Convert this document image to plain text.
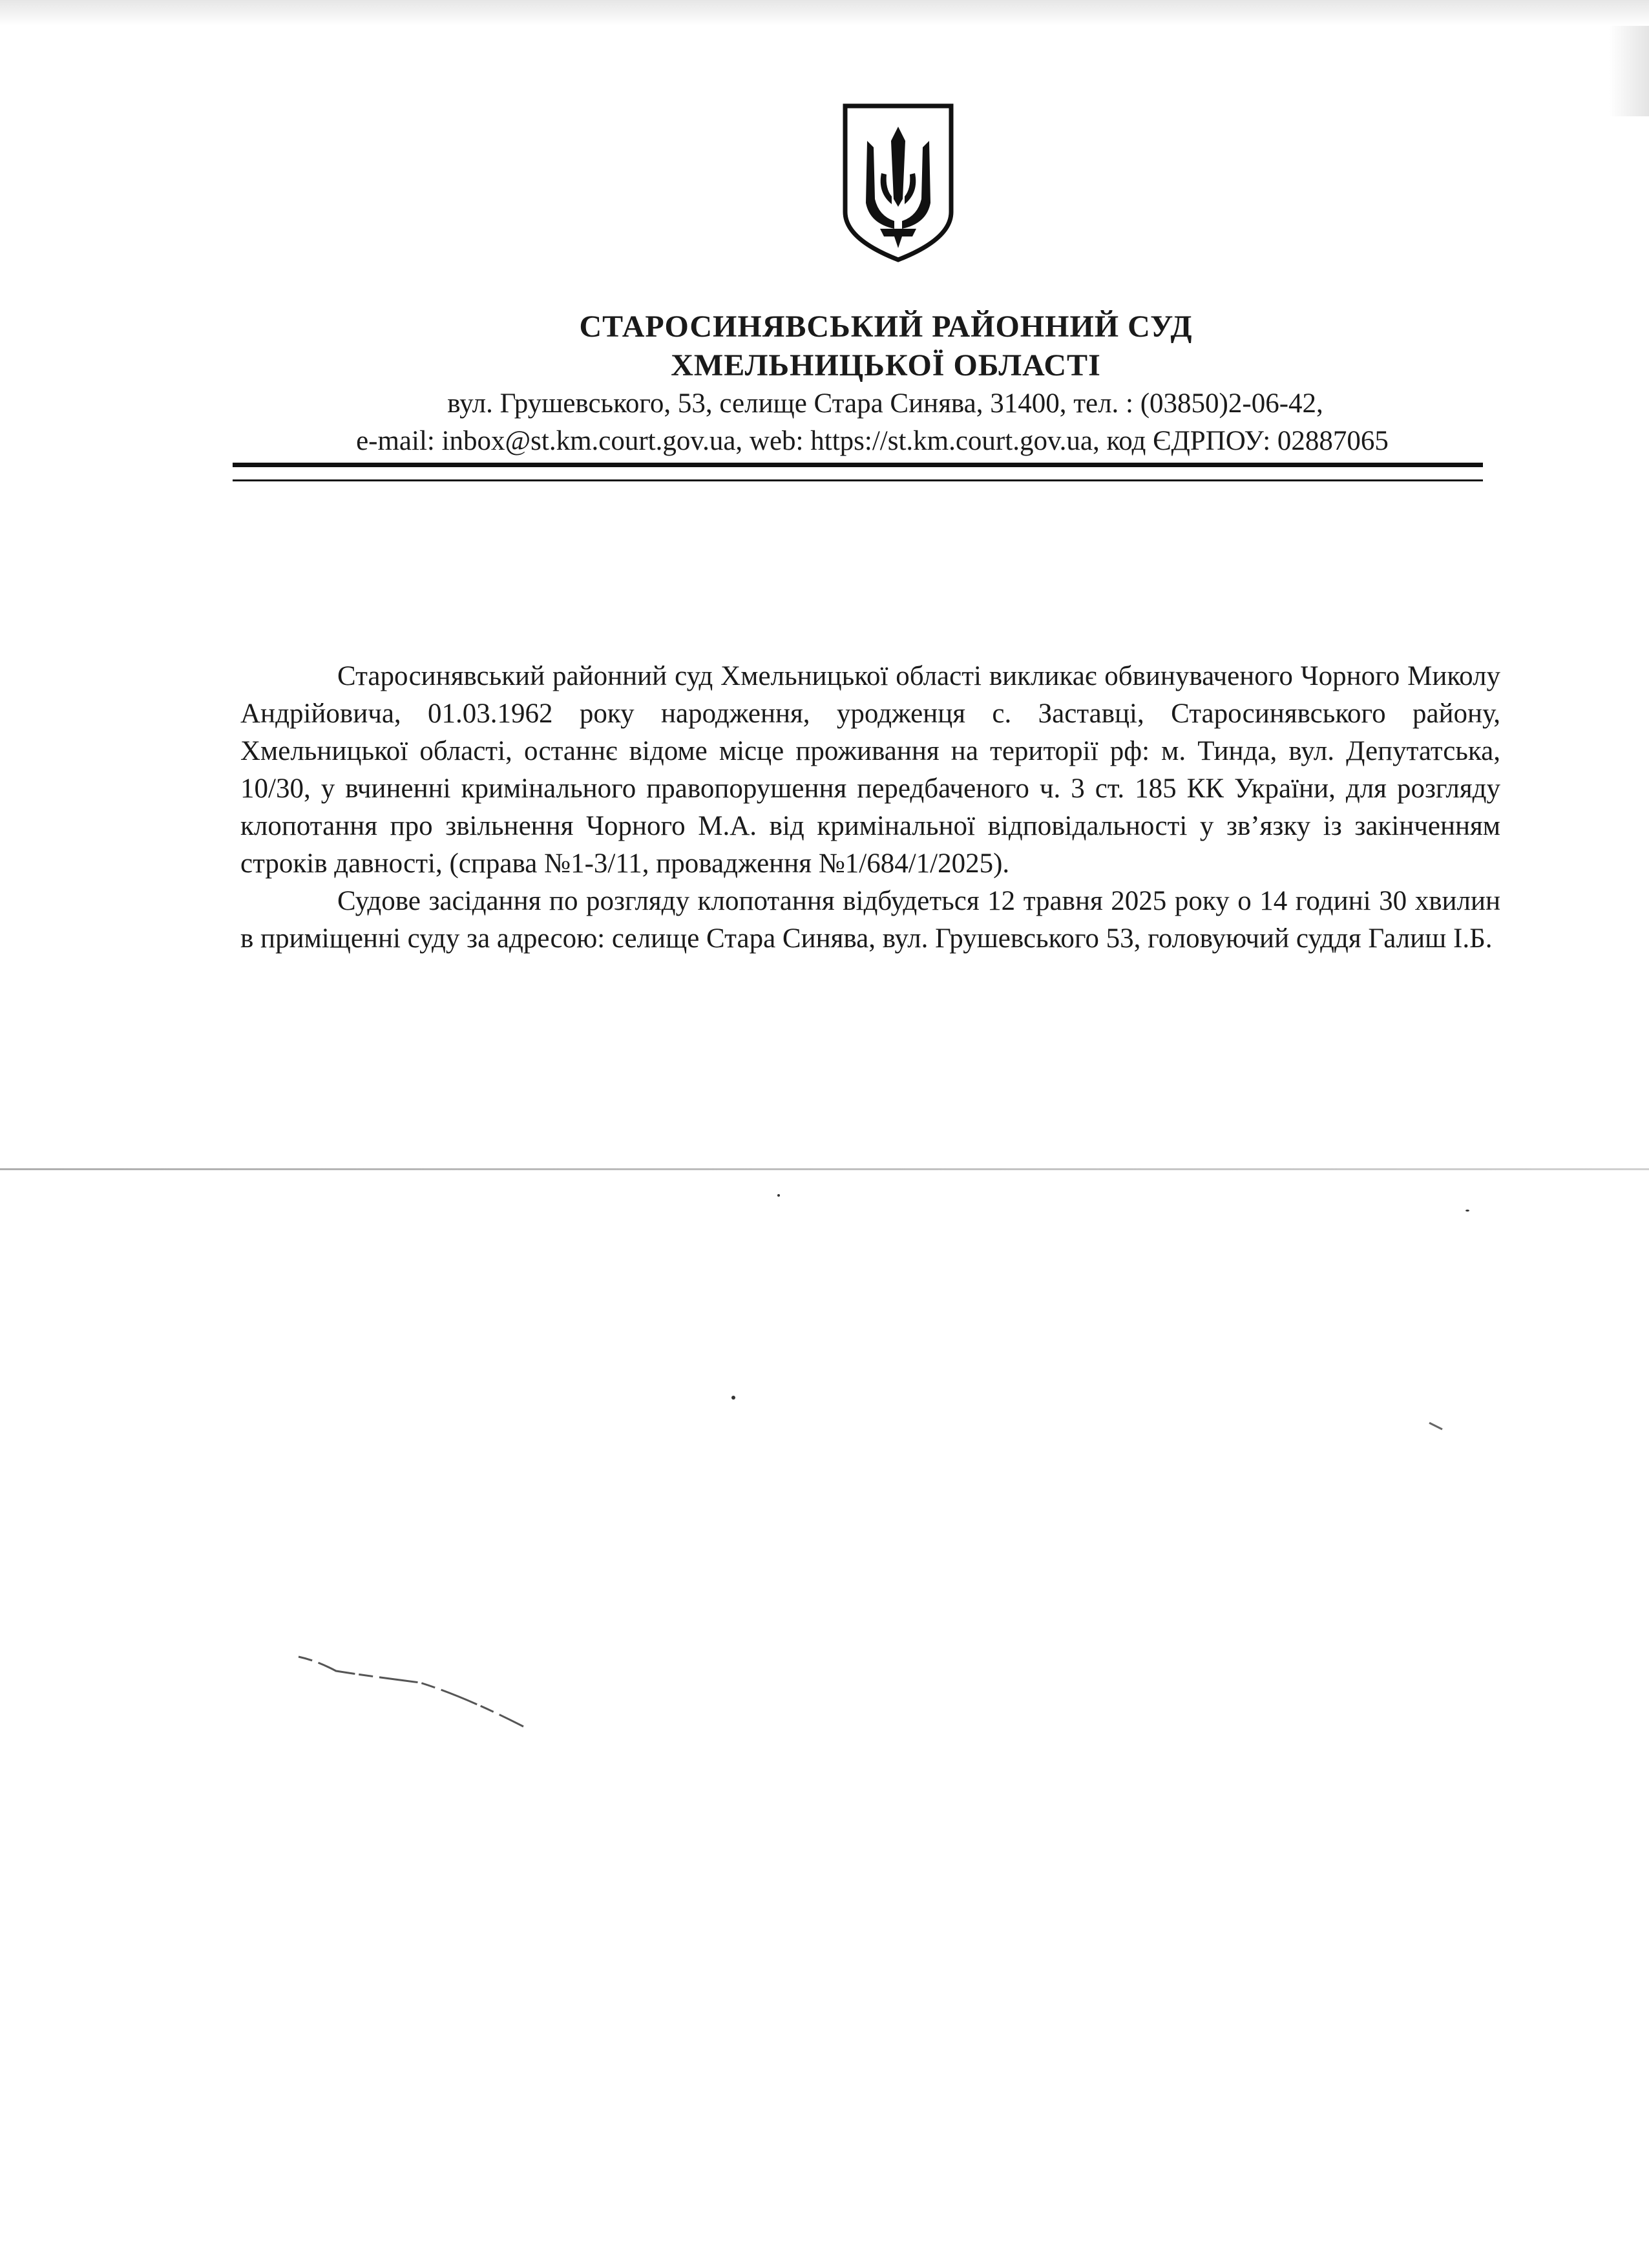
СТАРОСИНЯВСЬКИЙ РАЙОННИЙ СУД
ХМЕЛЬНИЦЬКОЇ ОБЛАСТІ
вул. Грушевського, 53, селище Стара Синява, 31400, тел. : (03850)2-06-42,
e-mail: inbox@st.km.court.gov.ua, web: https://st.km.court.gov.ua, код ЄДРПОУ: 02887065

Старосинявський районний суд Хмельницької області викликає обвинуваченого Чорного Миколу Андрійовича, 01.03.1962 року народження, уродженця с. Заставці, Старосинявського району, Хмельницької області, останнє відоме місце проживання на території рф: м. Тинда, вул. Депутатська, 10/30, у вчиненні кримінального правопорушення передбаченого ч. 3 ст. 185 КК України, для розгляду клопотання про звільнення Чорного М.А. від кримінальної відповідальності у зв’язку із закінченням строків давності, (справа №1-3/11, провадження №1/684/1/2025).

Судове засідання по розгляду клопотання відбудеться 12 травня 2025 року о 14 годині 30 хвилин в приміщенні суду за адресою: селище Стара Синява, вул. Грушевського 53, головуючий суддя Галиш І.Б.
